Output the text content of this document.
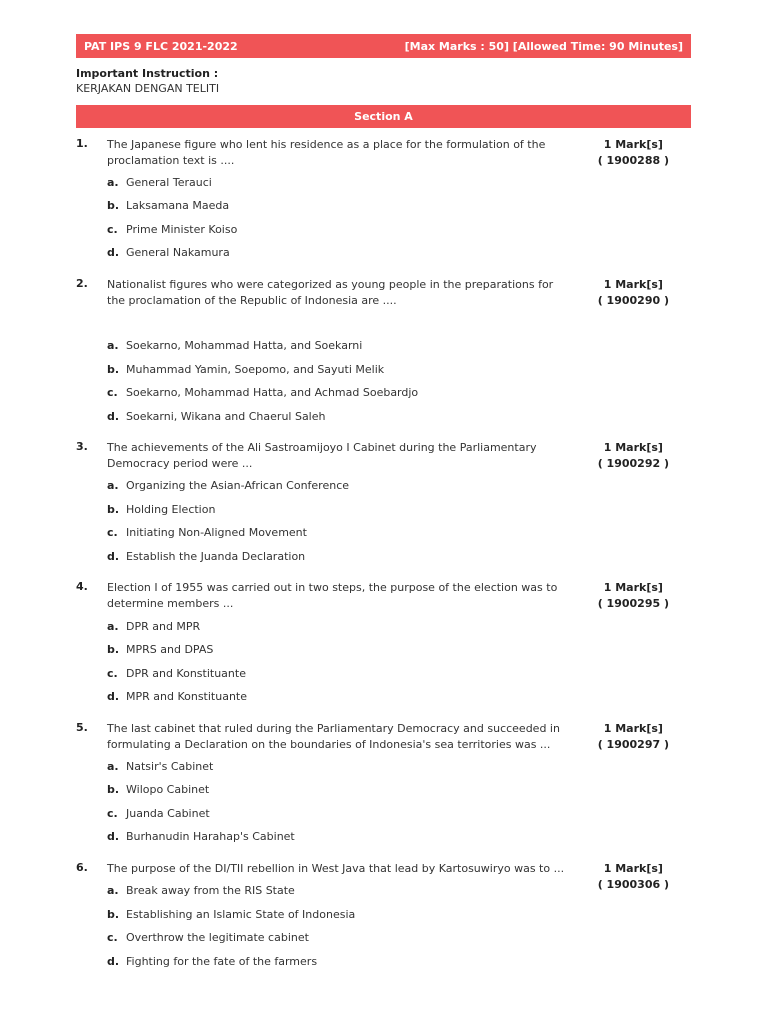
PAT IPS 9 FLC 2021-2022	[Max Marks : 50] [Allowed Time: 90 Minutes]
Important Instruction :
KERJAKAN DENGAN TELITI
Section A
1. The Japanese figure who lent his residence as a place for the formulation of the proclamation text is ....
1 Mark[s]
( 1900288 )
a. General Terauci
b. Laksamana Maeda
c. Prime Minister Koiso
d. General Nakamura
2. Nationalist figures who were categorized as young people in the preparations for the proclamation of the Republic of Indonesia are ....
1 Mark[s]
( 1900290 )
a. Soekarno, Mohammad Hatta, and Soekarni
b. Muhammad Yamin, Soepomo, and Sayuti Melik
c. Soekarno, Mohammad Hatta, and Achmad Soebardjo
d. Soekarni, Wikana and Chaerul Saleh
3. The achievements of the Ali Sastroamijoyo I Cabinet during the Parliamentary Democracy period were ...
1 Mark[s]
( 1900292 )
a. Organizing the Asian-African Conference
b. Holding Election
c. Initiating Non-Aligned Movement
d. Establish the Juanda Declaration
4. Election I of 1955 was carried out in two steps, the purpose of the election was to determine members ...
1 Mark[s]
( 1900295 )
a. DPR and MPR
b. MPRS and DPAS
c. DPR and Konstituante
d. MPR and Konstituante
5. The last cabinet that ruled during the Parliamentary Democracy and succeeded in formulating a Declaration on the boundaries of Indonesia's sea territories was ...
1 Mark[s]
( 1900297 )
a. Natsir's Cabinet
b. Wilopo Cabinet
c. Juanda Cabinet
d. Burhanudin Harahap's Cabinet
6. The purpose of the DI/TII rebellion in West Java that lead by Kartosuwiryo was to ...	1 Mark[s]
( 1900306 )
a. Break away from the RIS State
b. Establishing an Islamic State of Indonesia
c. Overthrow the legitimate cabinet
d. Fighting for the fate of the farmers
